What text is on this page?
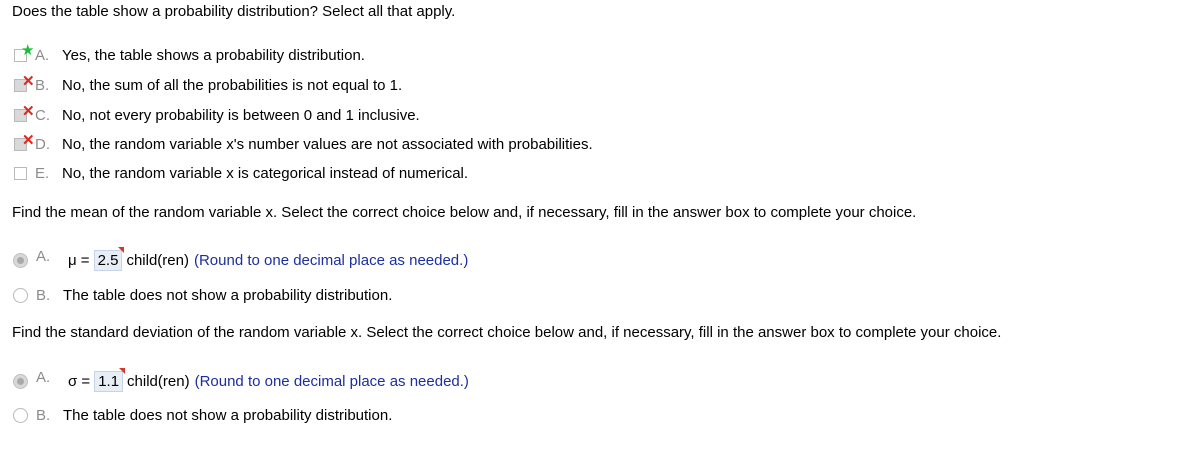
Does the table show a probability distribution? Select all that apply.
★ A. Yes, the table shows a probability distribution.
✕ B. No, the sum of all the probabilities is not equal to 1.
✕ C. No, not every probability is between 0 and 1 inclusive.
✕ D. No, the random variable x's number values are not associated with probabilities.
E. No, the random variable x is categorical instead of numerical.
Find the mean of the random variable x. Select the correct choice below and, if necessary, fill in the answer box to complete your choice.
A.	μ = 2.5 child(ren) (Round to one decimal place as needed.)
B. The table does not show a probability distribution.
Find the standard deviation of the random variable x. Select the correct choice below and, if necessary, fill in the answer box to complete your choice.
A.	σ = 1.1 child(ren) (Round to one decimal place as needed.)
B. The table does not show a probability distribution.
